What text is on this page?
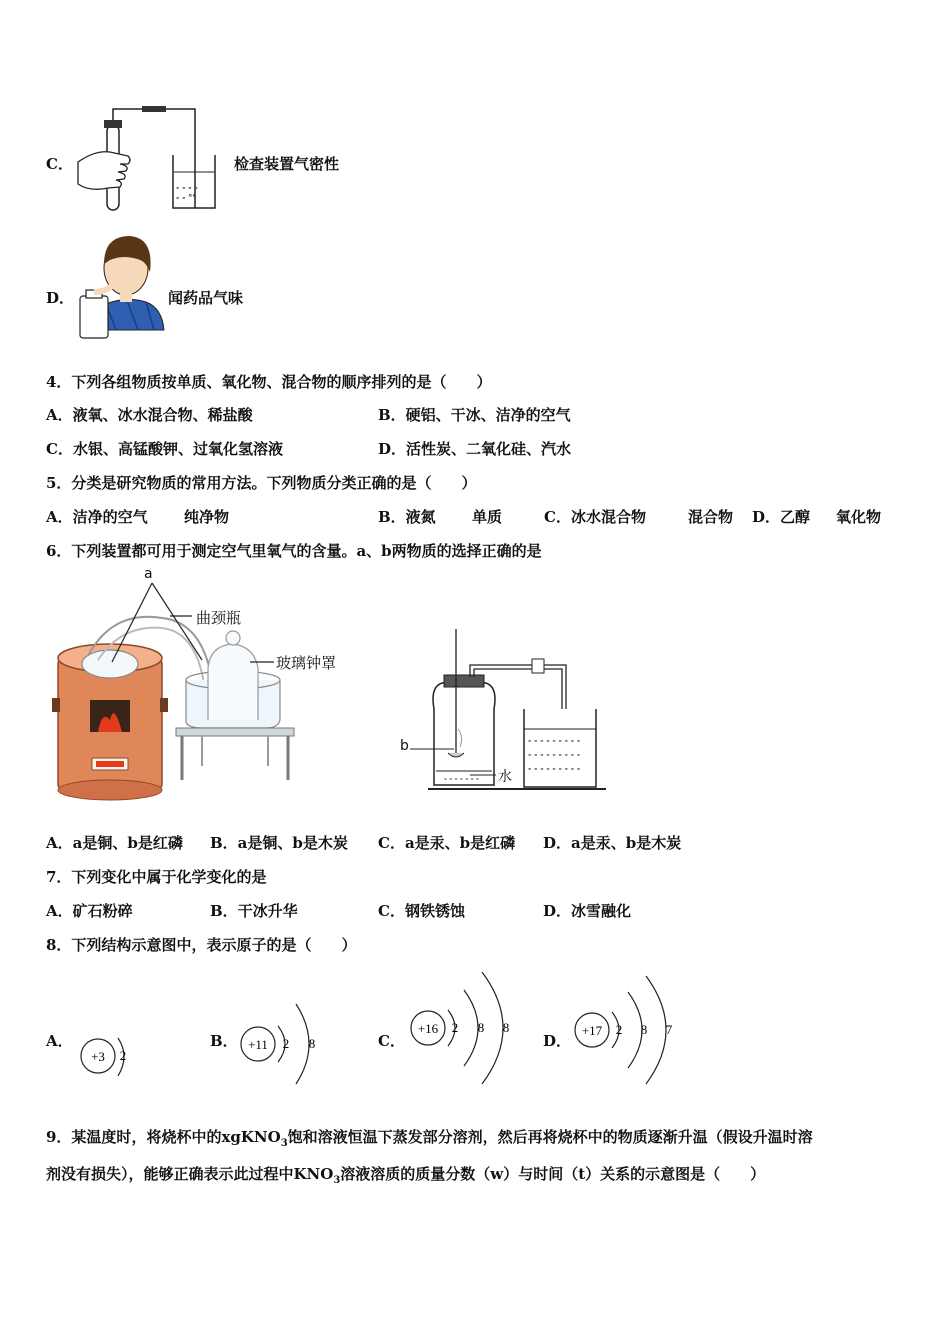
C．
- - - -
- - °°
检查装置气密性
D．	闻药品气味
4．下列各组物质按单质、氧化物、混合物的顺序排列的是（　　）
A．液氧、冰水混合物、稀盐酸	B．硬铝、干冰、洁净的空气
C．水银、高锰酸钾、过氧化氢溶液	D．活性炭、二氧化硅、汽水
5．分类是研究物质的常用方法。下列物质分类正确的是（　　）
A．洁净的空气 纯净物	B．液氮 单质	C．冰水混合物	混合物 D．乙醇 氧化物
6．下列装置都可用于测定空气里氧气的含量。a、b两物质的选择正确的是
a
曲颈瓶
玻璃钟罩
- - - - - - -
- - - - - - - - -
- - - - - - - - -
- - - - - - - - -
b
水
A．a是铜、b是红磷 B．a是铜、b是木炭 C．a是汞、b是红磷 D．a是汞、b是木炭
7．下列变化中属于化学变化的是
A．矿石粉碎	B．干冰升华	C．钢铁锈蚀	D．冰雪融化
8．下列结构示意图中，表示原子的是（　　）
A．
+3 2
B． +11 2 8	C．
+16 2 8 8
D．
+17 2 8 7
9．某温度时，将烧杯中的xgKNO$_3$饱和溶液恒温下蒸发部分溶剂，然后再将烧杯中的物质逐渐升温（假设升温时溶
剂没有损失），能够正确表示此过程中$KNO_3$溶液溶质的质量分数（w）与时间（t）关系的示意图是（　　）
